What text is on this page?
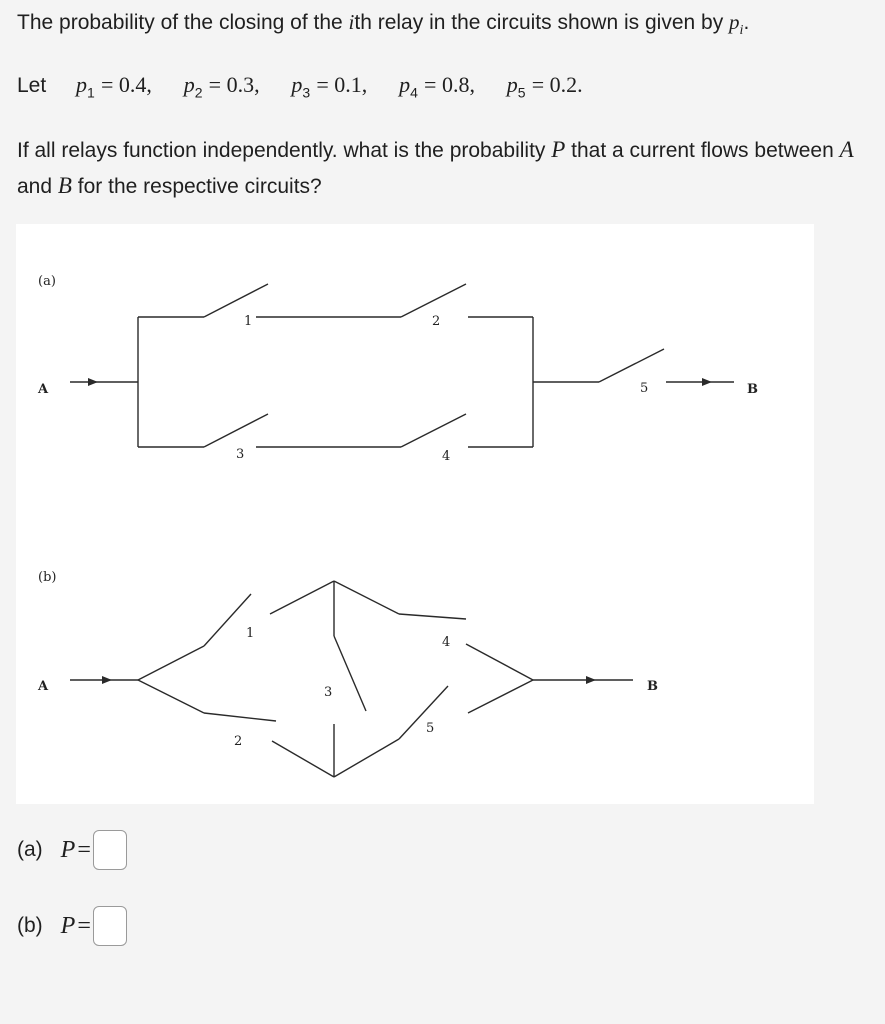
The probability of the closing of the ith relay in the circuits shown is given by $p_i$.
Let $p_1 = 0.4$, $p_2 = 0.3$, $p_3 = 0.1$, $p_4 = 0.8$, $p_5 = 0.2$.
If all relays function independently. what is the probability P that a current flows between A and B for the respective circuits?
(a)
A
1	2
3	4
5	B
(b)
A
1
2
3
4
5
B
(a) P =
(b) P =
